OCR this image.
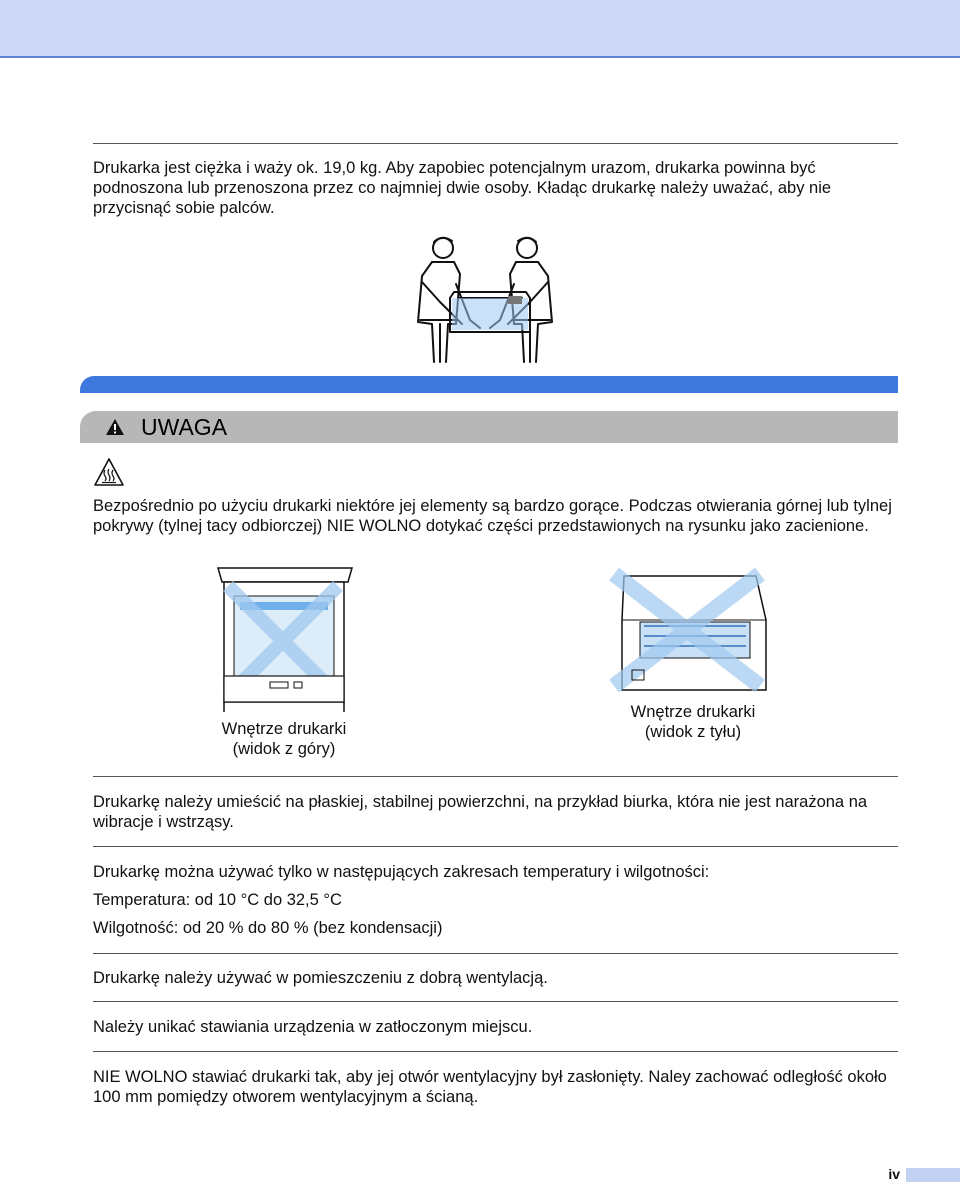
Drukarka jest ciężka i waży ok. 19,0 kg. Aby zapobiec potencjalnym urazom, drukarka powinna być podnoszona lub przenoszona przez co najmniej dwie osoby. Kładąc drukarkę należy uważać, aby nie przycisnąć sobie palców.
UWAGA
Bezpośrednio po użyciu drukarki niektóre jej elementy są bardzo gorące. Podczas otwierania górnej lub tylnej pokrywy (tylnej tacy odbiorczej) NIE WOLNO dotykać części przedstawionych na rysunku jako zacienione.
Wnętrze drukarki
(widok z góry)
Wnętrze drukarki
(widok z tyłu)
Drukarkę należy umieścić na płaskiej, stabilnej powierzchni, na przykład biurka, która nie jest narażona na wibracje i wstrząsy.
Drukarkę można używać tylko w następujących zakresach temperatury i wilgotności:
Temperatura: od 10 °C do 32,5 °C
Wilgotność: od 20 % do 80 % (bez kondensacji)
Drukarkę należy używać w pomieszczeniu z dobrą wentylacją.
Należy unikać stawiania urządzenia w zatłoczonym miejscu.
NIE WOLNO stawiać drukarki tak, aby jej otwór wentylacyjny był zasłonięty. Naley zachować odległość około 100 mm pomiędzy otworem wentylacyjnym a ścianą.
iv
